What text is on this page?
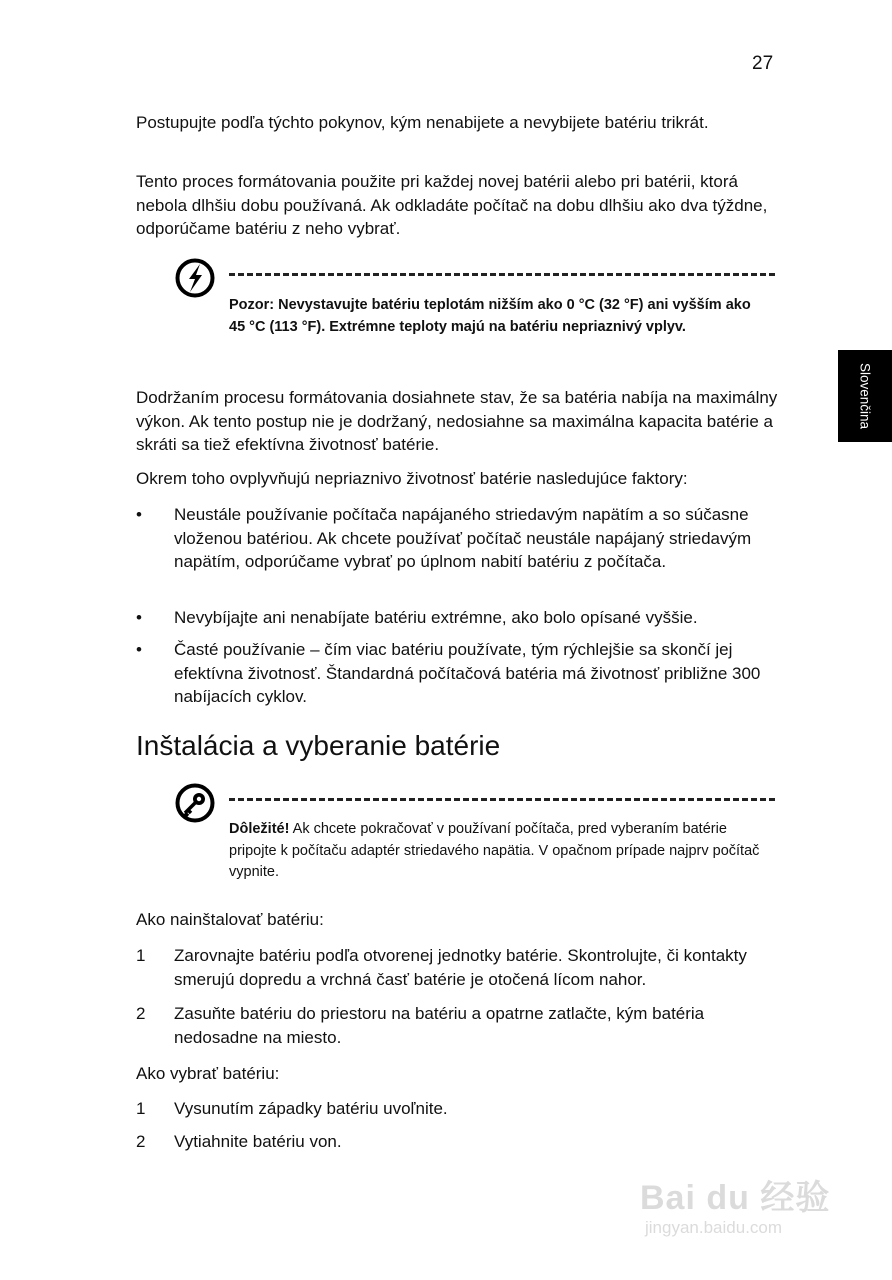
27
Slovenčina
Postupujte podľa týchto pokynov, kým nenabijete a nevybijete batériu trikrát.
Tento proces formátovania použite pri každej novej batérii alebo pri batérii, ktorá nebola dlhšiu dobu používaná. Ak odkladáte počítač na dobu dlhšiu ako dva týždne, odporúčame batériu z neho vybrať.
Pozor: Nevystavujte batériu teplotám nižším ako 0 °C (32 °F) ani vyšším ako 45 °C (113 °F). Extrémne teploty majú na batériu nepriaznivý vplyv.
Dodržaním procesu formátovania dosiahnete stav, že sa batéria nabíja na maximálny výkon. Ak tento postup nie je dodržaný, nedosiahne sa maximálna kapacita batérie a skráti sa tiež efektívna životnosť batérie.
Okrem toho ovplyvňujú nepriaznivo životnosť batérie nasledujúce faktory:
•	Neustále používanie počítača napájaného striedavým napätím a so súčasne vloženou batériou. Ak chcete používať počítač neustále napájaný striedavým napätím, odporúčame vybrať po úplnom nabití batériu z počítača.
•	Nevybíjajte ani nenabíjate batériu extrémne, ako bolo opísané vyššie.
•	Časté používanie – čím viac batériu používate, tým rýchlejšie sa skončí jej efektívna životnosť. Štandardná počítačová batéria má životnosť približne 300 nabíjacích cyklov.
Inštalácia a vyberanie batérie
Dôležité! Ak chcete pokračovať v používaní počítača, pred vyberaním batérie pripojte k počítaču adaptér striedavého napätia. V opačnom prípade najprv počítač vypnite.
Ako nainštalovať batériu:
1	Zarovnajte batériu podľa otvorenej jednotky batérie. Skontrolujte, či kontakty smerujú dopredu a vrchná časť batérie je otočená lícom nahor.
2	Zasuňte batériu do priestoru na batériu a opatrne zatlačte, kým batéria nedosadne na miesto.
Ako vybrať batériu:
1	Vysunutím západky batériu uvoľnite.
2	Vytiahnite batériu von.
Bai du 经验
jingyan.baidu.com
